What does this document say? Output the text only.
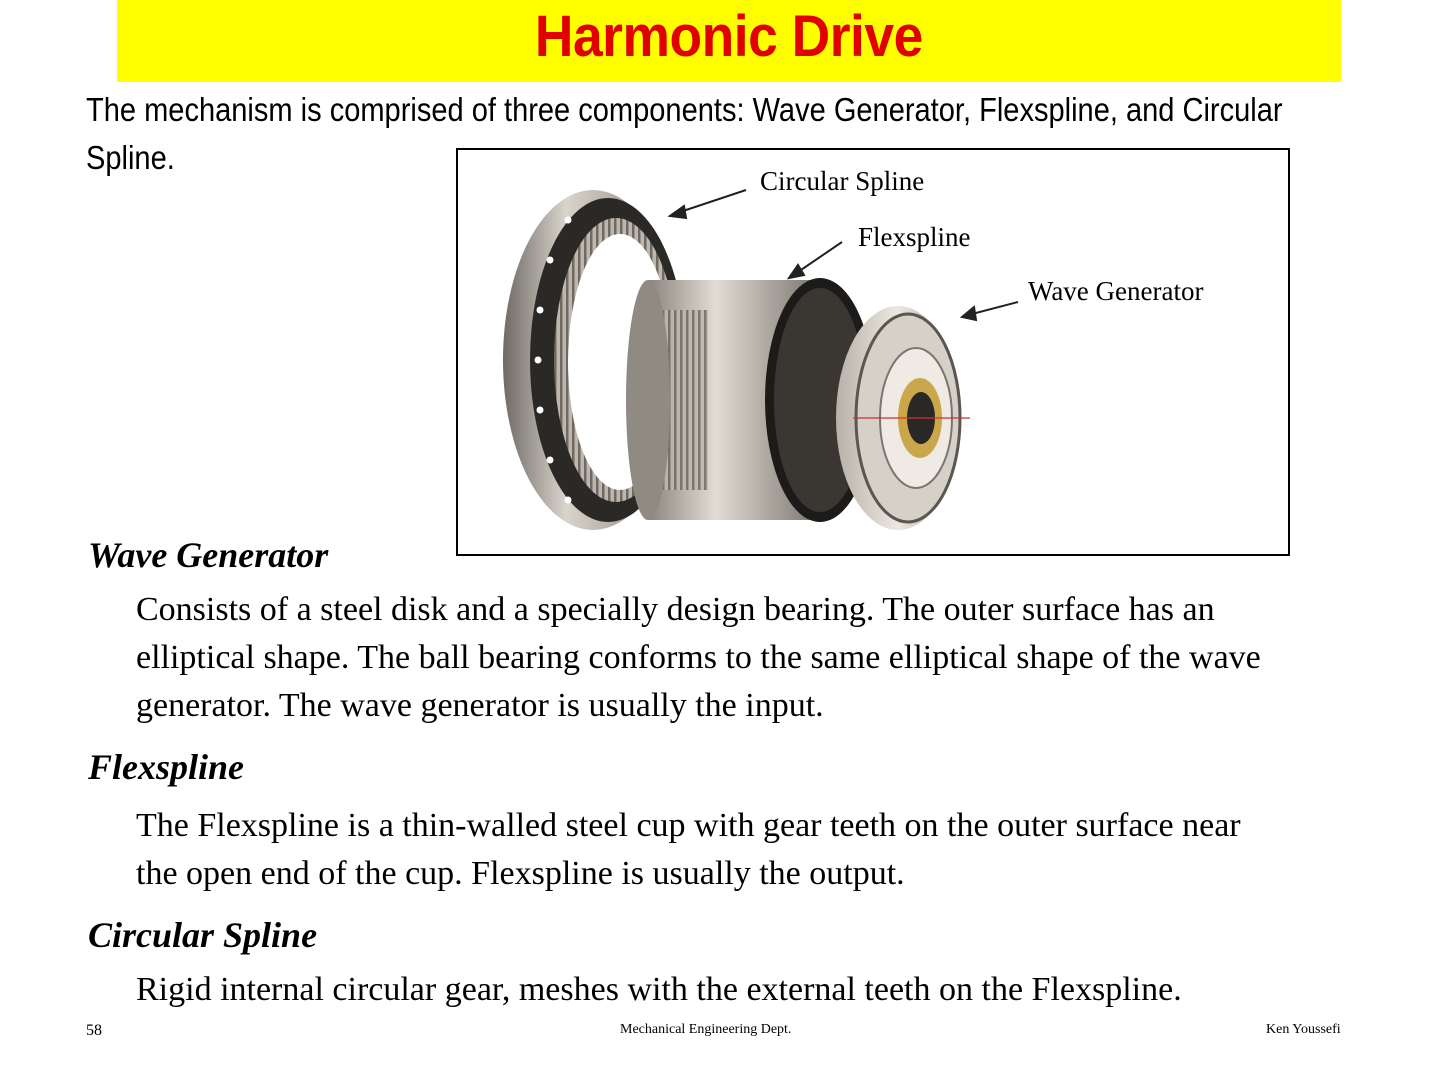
Harmonic Drive
The mechanism is comprised of three components: Wave Generator, Flexspline, and Circular Spline.
Circular Spline
Flexspline
Wave Generator
Wave Generator
Consists of a steel disk and a specially design bearing. The outer surface has an elliptical shape. The ball bearing conforms to the same elliptical shape of the wave generator. The wave generator is usually the input.
Flexspline
The Flexspline is a thin-walled steel cup with gear teeth on the outer surface near the open end of the cup. Flexspline is usually the output.
Circular Spline
Rigid internal circular gear, meshes with the external teeth on the Flexspline.
58	Mechanical Engineering Dept.	Ken Youssefi
